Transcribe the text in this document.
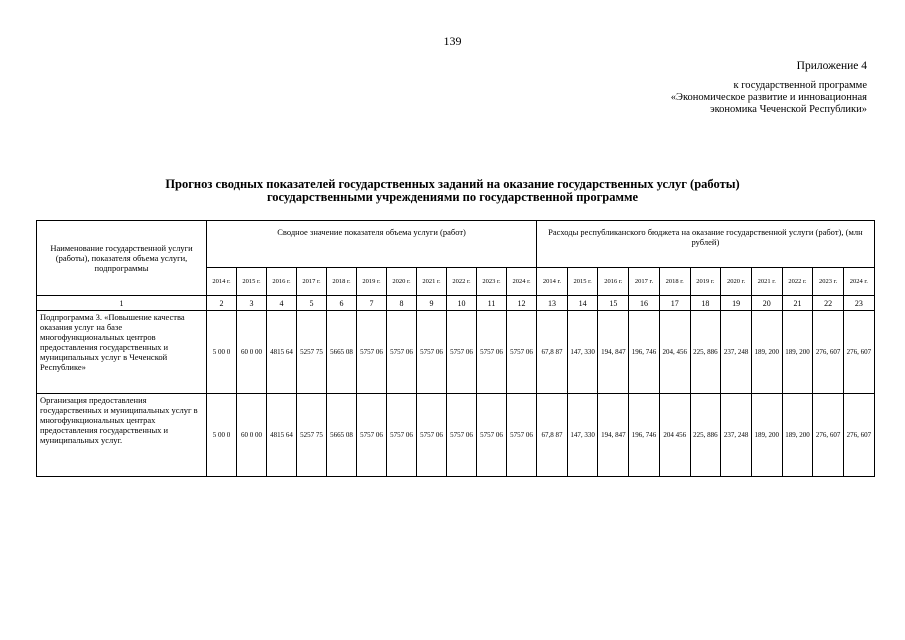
139
Приложение 4
к государственной программе
«Экономическое развитие и инновационная
экономика Чеченской Республики»
Прогноз сводных показателей государственных заданий на оказание государственных услуг (работы)
государственными учреждениями по государственной программе
Наименование государственной услуги (работы), показателя объема услуги, подпрограммы	Сводное значение показателя объема услуги (работ)											Расходы республиканского бюджета на оказание государственной услуги (работ), (млн рублей)										
	2014 г.	2015 г.	2016 г.	2017 г.	2018 г.	2019 г.	2020 г.	2021 г.	2022 г.	2023 г.	2024 г.	2014 г.	2015 г.	2016 г.	2017 г.	2018 г.	2019 г.	2020 г.	2021 г.	2022 г.	2023 г.	2024 г.
1	2	3	4	5	6	7	8	9	10	11	12	13	14	15	16	17	18	19	20	21	22	23
Подпрограмма 3. «Повышение качества оказания услуг на базе многофункциональных центров предоставления государственных и муниципальных услуг в Чеченской Республике»	5 00 0	60 0 00	4815 64	5257 75	5665 08	5757 06	5757 06	5757 06	5757 06	5757 06	5757 06	67,8 87	147, 330	194, 847	196, 746	204, 456	225, 886	237, 248	189, 200	189, 200	276, 607	276, 607
Организация предоставления государственных и муниципальных услуг в многофункциональных центрах предоставления государственных и муниципальных услуг.	5 00 0	60 0 00	4815 64	5257 75	5665 08	5757 06	5757 06	5757 06	5757 06	5757 06	5757 06	67,8 87	147, 330	194, 847	196, 746	204 456	225, 886	237, 248	189, 200	189, 200	276, 607	276, 607
